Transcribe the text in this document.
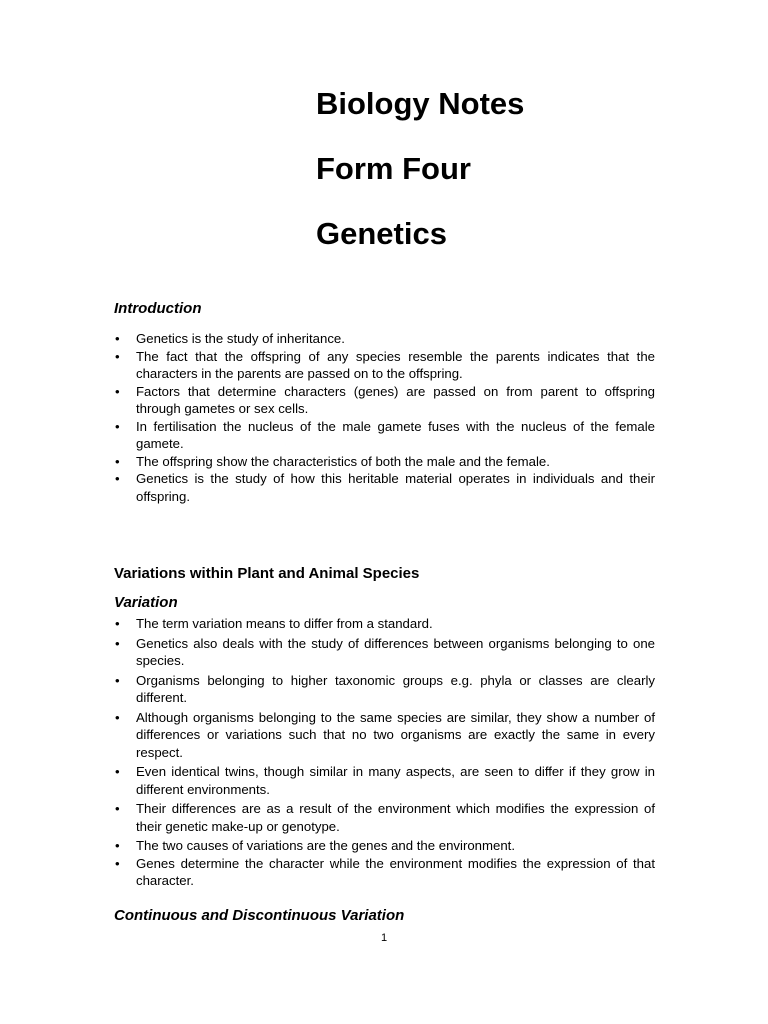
Biology Notes
Form Four
Genetics
Introduction
• Genetics is the study of inheritance.
• The fact that the offspring of any species resemble the parents indicates that the characters in the parents are passed on to the offspring.
• Factors that determine characters (genes) are passed on from parent to offspring through gametes or sex cells.
• In fertilisation the nucleus of the male gamete fuses with the nucleus of the female gamete.
• The offspring show the characteristics of both the male and the female.
• Genetics is the study of how this heritable material operates in individuals and their offspring.
Variations within Plant and Animal Species
Variation
• The term variation means to differ from a standard.
• Genetics also deals with the study of differences between organisms belonging to one species.
• Organisms belonging to higher taxonomic groups e.g. phyla or classes are clearly different.
• Although organisms belonging to the same species are similar, they show a number of differences or variations such that no two organisms are exactly the same in every respect.
• Even identical twins, though similar in many aspects, are seen to differ if they grow in different environments.
• Their differences are as a result of the environment which modifies the expression of their genetic make-up or genotype.
• The two causes of variations are the genes and the environment.
• Genes determine the character while the environment modifies the expression of that character.
Continuous and Discontinuous Variation
1
